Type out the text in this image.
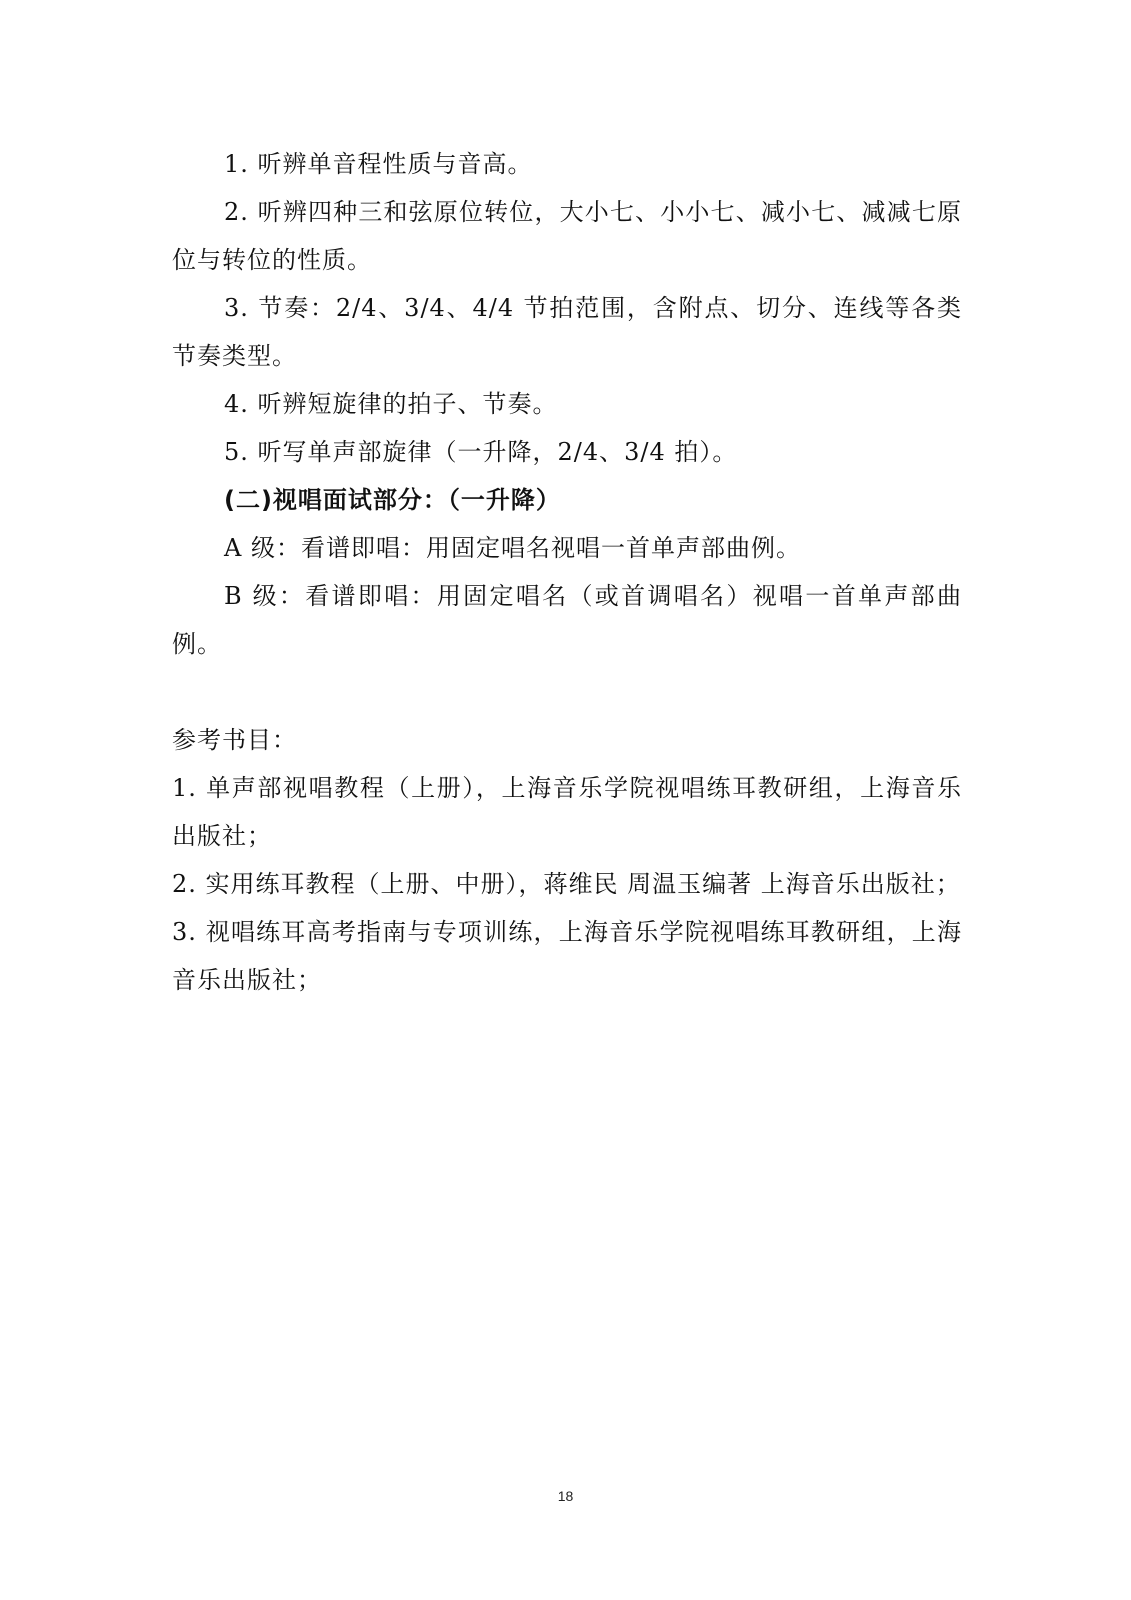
1. 听辨单音程性质与音高。

2. 听辨四种三和弦原位转位，大小七、小小七、减小七、减减七原位与转位的性质。

3. 节奏：2/4、3/4、4/4 节拍范围，含附点、切分、连线等各类节奏类型。

4. 听辨短旋律的拍子、节奏。

5. 听写单声部旋律（一升降，2/4、3/4 拍）。

(二)视唱面试部分：（一升降）

A 级：看谱即唱：用固定唱名视唱一首单声部曲例。

B 级：看谱即唱：用固定唱名（或首调唱名）视唱一首单声部曲例。

参考书目：

1. 单声部视唱教程（上册），上海音乐学院视唱练耳教研组，上海音乐出版社；

2. 实用练耳教程（上册、中册），蒋维民 周温玉编著 上海音乐出版社；

3. 视唱练耳高考指南与专项训练，上海音乐学院视唱练耳教研组，上海音乐出版社；

18
